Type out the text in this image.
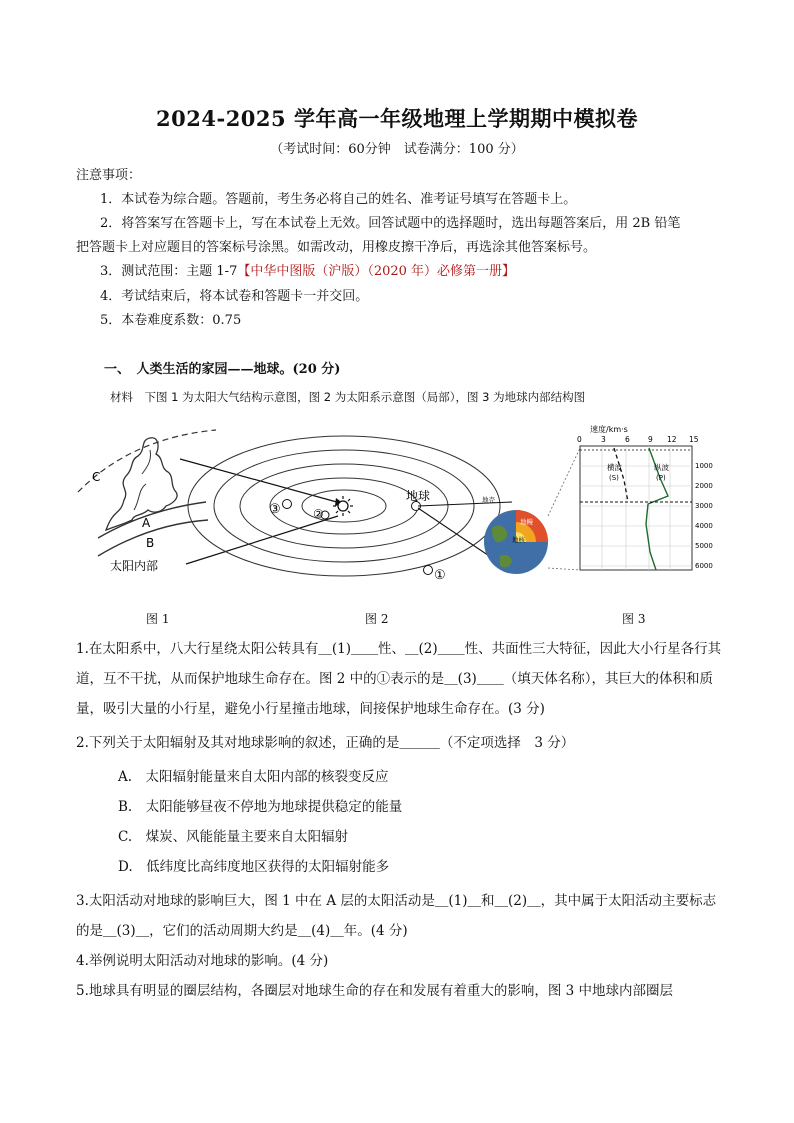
2024-2025 学年高一年级地理上学期期中模拟卷
（考试时间：60分钟　试卷满分：100 分）
注意事项：
1．本试卷为综合题。答题前，考生务必将自己的姓名、准考证号填写在答题卡上。
2．将答案写在答题卡上，写在本试卷上无效。回答试题中的选择题时，选出每题答案后，用 2B 铅笔
把答题卡上对应题目的答案标号涂黑。如需改动，用橡皮擦干净后，再选涂其他答案标号。
3．测试范围：主题 1-7【中华中图版（沪版）（2020 年）必修第一册】
4．考试结束后，将本试卷和答题卡一并交回。
5．本卷难度系数：0.75
一、　人类生活的家园——地球。(20 分)
材料　下图 1 为太阳大气结构示意图，图 2 为太阳系示意图（局部），图 3 为地球内部结构图
C
A
B
太阳内部
②
③
①
地球	地壳
地幔
地核
速度/km·s
0	3	6 9 12 15
1000
2000
3000
4000
5000
6000
横波
(S)
纵波
(P)
图 1	图 2	图 3
1.在太阳系中，八大行星绕太阳公转具有＿(1)＿＿性、＿(2)＿＿性、共面性三大特征，因此大小行星各行其道，互不干扰，从而保护地球生命存在。图 2 中的①表示的是＿(3)＿＿（填天体名称），其巨大的体积和质量，吸引大量的小行星，避免小行星撞击地球，间接保护地球生命存在。(3 分)
2.下列关于太阳辐射及其对地球影响的叙述，正确的是＿＿＿（不定项选择　3 分）
A.　太阳辐射能量来自太阳内部的核裂变反应
B.　太阳能够昼夜不停地为地球提供稳定的能量
C.　煤炭、风能能量主要来自太阳辐射
D.　低纬度比高纬度地区获得的太阳辐射能多
3.太阳活动对地球的影响巨大，图 1 中在 A 层的太阳活动是＿(1)＿和＿(2)＿，其中属于太阳活动主要标志的是＿(3)＿，它们的活动周期大约是＿(4)＿年。(4 分)
4.举例说明太阳活动对地球的影响。(4 分)
5.地球具有明显的圈层结构，各圈层对地球生命的存在和发展有着重大的影响，图 3 中地球内部圈层
